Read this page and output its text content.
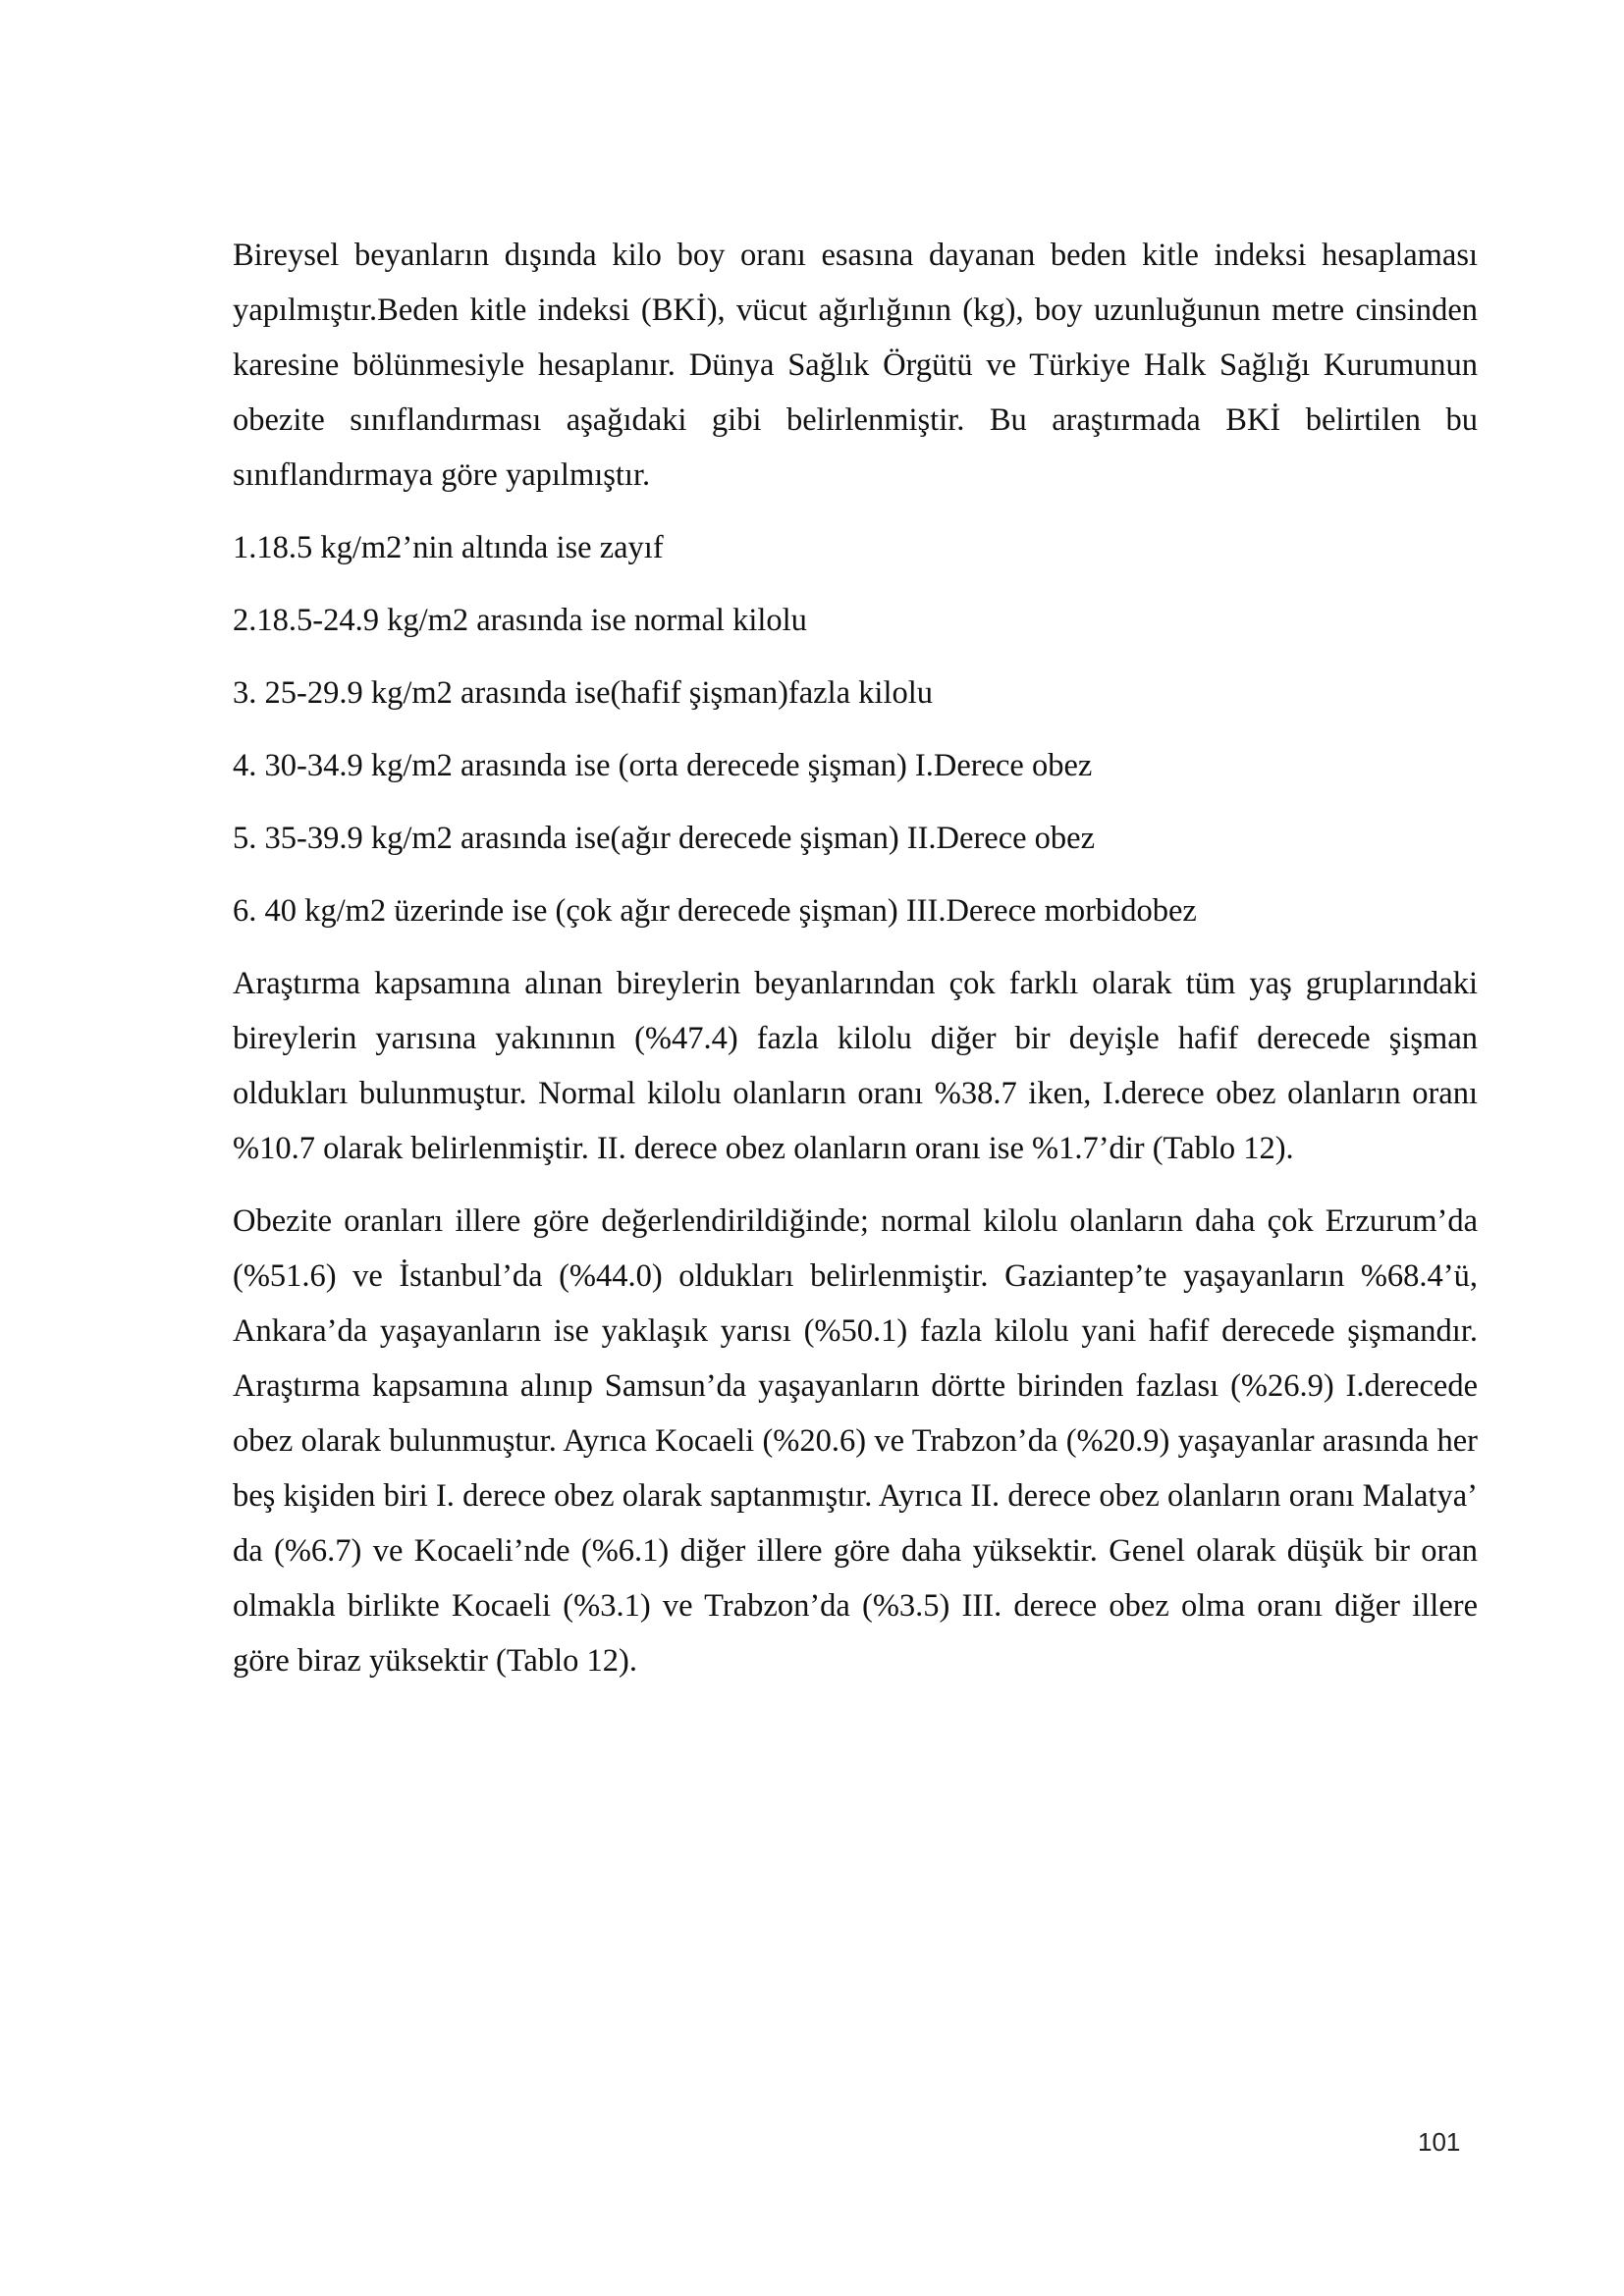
Bireysel beyanların dışında kilo boy oranı esasına dayanan beden kitle indeksi hesaplaması yapılmıştır.Beden kitle indeksi (BKİ), vücut ağırlığının (kg), boy uzunluğunun metre cinsinden karesine bölünmesiyle hesaplanır. Dünya Sağlık Örgütü ve Türkiye Halk Sağlığı Kurumunun obezite sınıflandırması aşağıdaki gibi belirlenmiştir. Bu araştırmada BKİ belirtilen bu sınıflandırmaya göre yapılmıştır.

1.18.5 kg/m2’nin altında ise zayıf

2.18.5-24.9 kg/m2 arasında ise normal kilolu

3. 25-29.9 kg/m2 arasında ise(hafif şişman)fazla kilolu

4. 30-34.9 kg/m2 arasında ise (orta derecede şişman) I.Derece obez

5. 35-39.9 kg/m2 arasında ise(ağır derecede şişman) II.Derece obez

6. 40 kg/m2 üzerinde ise (çok ağır derecede şişman) III.Derece morbidobez

Araştırma kapsamına alınan bireylerin beyanlarından çok farklı olarak tüm yaş gruplarındaki bireylerin yarısına yakınının (%47.4) fazla kilolu diğer bir deyişle hafif derecede şişman oldukları bulunmuştur. Normal kilolu olanların oranı %38.7 iken, I.derece obez olanların oranı %10.7 olarak belirlenmiştir. II. derece obez olanların oranı ise %1.7’dir (Tablo 12).

Obezite oranları illere göre değerlendirildiğinde; normal kilolu olanların daha çok Erzurum’da (%51.6) ve İstanbul’da (%44.0) oldukları belirlenmiştir. Gaziantep’te yaşayanların %68.4’ü, Ankara’da yaşayanların ise yaklaşık yarısı (%50.1) fazla kilolu yani hafif derecede şişmandır. Araştırma kapsamına alınıp Samsun’da yaşayanların dörtte birinden fazlası (%26.9) I.derecede obez olarak bulunmuştur. Ayrıca Kocaeli (%20.6) ve Trabzon’da (%20.9) yaşayanlar arasında her beş kişiden biri I. derece obez olarak saptanmıştır. Ayrıca II. derece obez olanların oranı Malatya’ da (%6.7) ve Kocaeli’nde (%6.1) diğer illere göre daha yüksektir. Genel olarak düşük bir oran olmakla birlikte Kocaeli (%3.1) ve Trabzon’da (%3.5) III. derece obez olma oranı diğer illere göre biraz yüksektir (Tablo 12).

101
